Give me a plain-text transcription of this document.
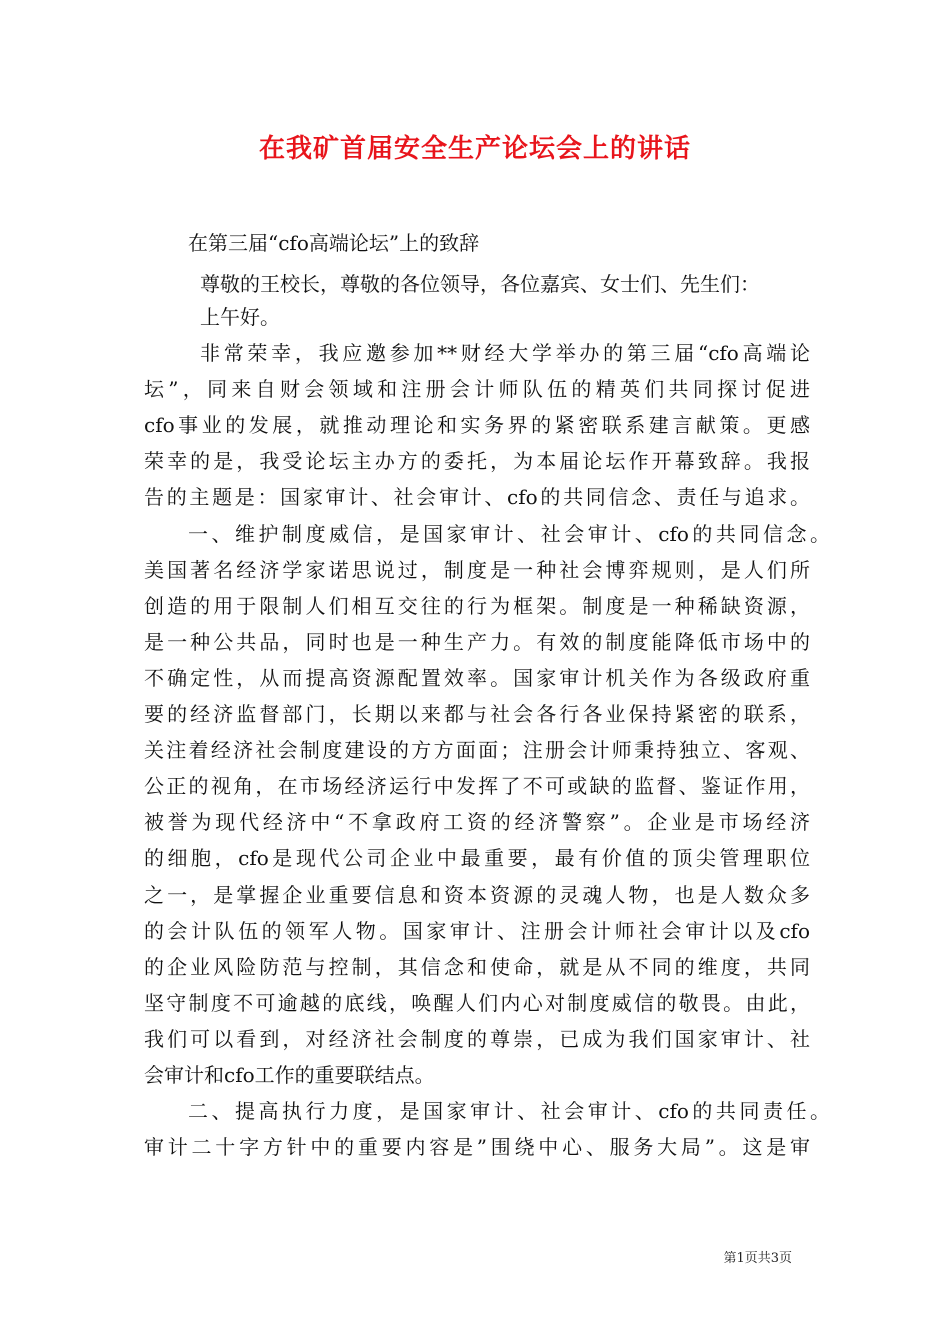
在我矿首届安全生产论坛会上的讲话
在第三届“cfo高端论坛”上的致辞
尊敬的王校长，尊敬的各位领导，各位嘉宾、女士们、先生们：
上午好。
非常荣幸，我应邀参加**财经大学举办的第三届“cfo高端论
坛”，同来自财会领域和注册会计师队伍的精英们共同探讨促进
cfo事业的发展，就推动理论和实务界的紧密联系建言献策。更感
荣幸的是，我受论坛主办方的委托，为本届论坛作开幕致辞。我报
告的主题是：国家审计、社会审计、cfo的共同信念、责任与追求。
一、维护制度威信，是国家审计、社会审计、cfo的共同信念。
美国著名经济学家诺思说过，制度是一种社会博弈规则，是人们所
创造的用于限制人们相互交往的行为框架。制度是一种稀缺资源，
是一种公共品，同时也是一种生产力。有效的制度能降低市场中的
不确定性，从而提高资源配置效率。国家审计机关作为各级政府重
要的经济监督部门，长期以来都与社会各行各业保持紧密的联系，
关注着经济社会制度建设的方方面面；注册会计师秉持独立、客观、
公正的视角，在市场经济运行中发挥了不可或缺的监督、鉴证作用，
被誉为现代经济中“不拿政府工资的经济警察”。企业是市场经济
的细胞，cfo是现代公司企业中最重要，最有价值的顶尖管理职位
之一，是掌握企业重要信息和资本资源的灵魂人物，也是人数众多
的会计队伍的领军人物。国家审计、注册会计师社会审计以及cfo
的企业风险防范与控制，其信念和使命，就是从不同的维度，共同
坚守制度不可逾越的底线，唤醒人们内心对制度威信的敬畏。由此，
我们可以看到，对经济社会制度的尊崇，已成为我们国家审计、社
会审计和cfo工作的重要联结点。
二、提高执行力度，是国家审计、社会审计、cfo的共同责任。
审计二十字方针中的重要内容是”围绕中心、服务大局”。这是审
第1页共3页
